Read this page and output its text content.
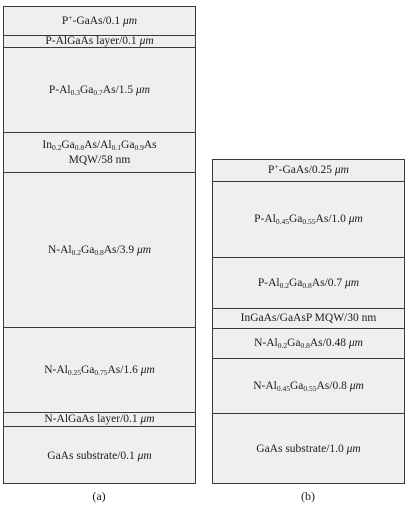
P+-GaAs/0.1 μm
P-AlGaAs layer/0.1 μm
$P-Al_{0.3}Ga_{0.7}As/1.5$ μm
$In_{0.2}Ga_{0.8}As/Al_{0.1}Ga_{0.9}As$
MQW/58 nm
$N-Al_{0.2}Ga_{0.8}As/3.9$ μm
$N-Al_{0.25}Ga_{0.75}As/1.6$ μm
N-AlGaAs layer/0.1 μm
GaAs substrate/0.1 μm
P+-GaAs/0.25 μm
$P-Al_{0.45}Ga_{0.55}As/1.0$ μm
$P-Al_{0.2}Ga_{0.8}As/0.7$ μm
InGaAs/GaAsP MQW/30 nm
$N-Al_{0.2}Ga_{0.8}As/0.48$ μm
$N-Al_{0.45}Ga_{0.55}As/0.8$ μm
GaAs substrate/1.0 μm
(a)	(b)
